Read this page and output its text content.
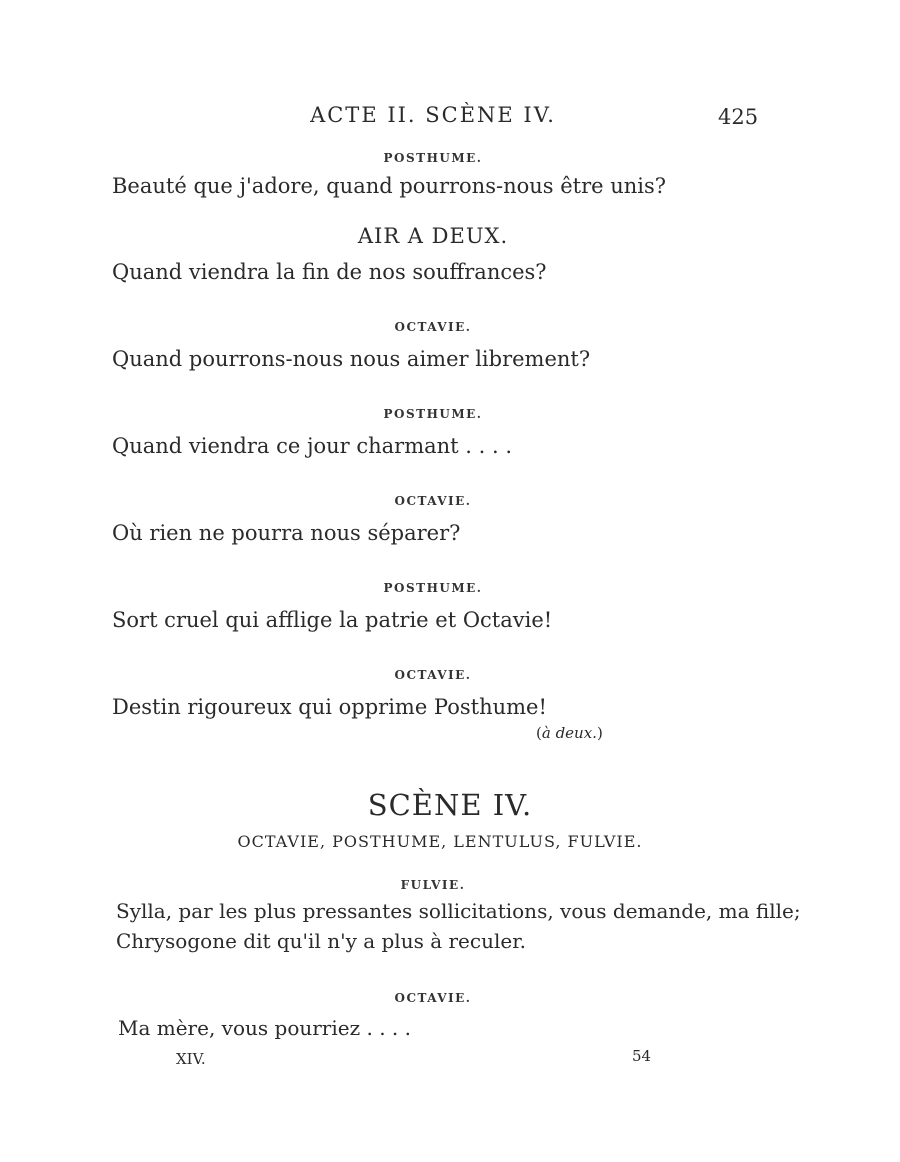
ACTE II. SCÈNE IV.	425
POSTHUME.
Beauté que j'adore, quand pourrons-nous être unis?
AIR A DEUX.
Quand viendra la fin de nos souffrances?
OCTAVIE.
Quand pourrons-nous nous aimer librement?
POSTHUME.
Quand viendra ce jour charmant . . . .
OCTAVIE.
Où rien ne pourra nous séparer?
POSTHUME.
Sort cruel qui afflige la patrie et Octavie!
OCTAVIE.
Destin rigoureux qui opprime Posthume!
(à deux.)
SCÈNE IV.
OCTAVIE, POSTHUME, LENTULUS, FULVIE.
FULVIE.
Sylla, par les plus pressantes sollicitations, vous demande, ma fille;
Chrysogone dit qu'il n'y a plus à reculer.
OCTAVIE.
Ma mère, vous pourriez . . . .
XIV.	54
